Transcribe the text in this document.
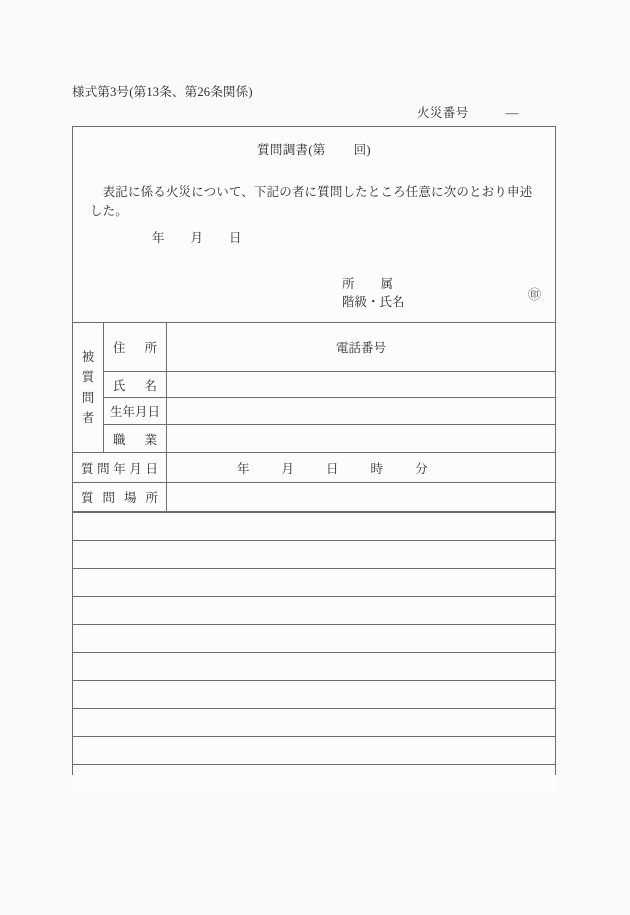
様式第3号(第13条、第26条関係)
火災番号	—
質問調書(第 回)
　表記に係る火災について、下記の者に質問したところ任意に次のとおり申述した。
年 月 日
所 属
階級・氏名
㊞
被
質
問
者	住 所	電話番号

	氏 名	

	生年月日	

	職 業	

質 問 年 月 日		年 月 日 時 分

質 問 場 所		
